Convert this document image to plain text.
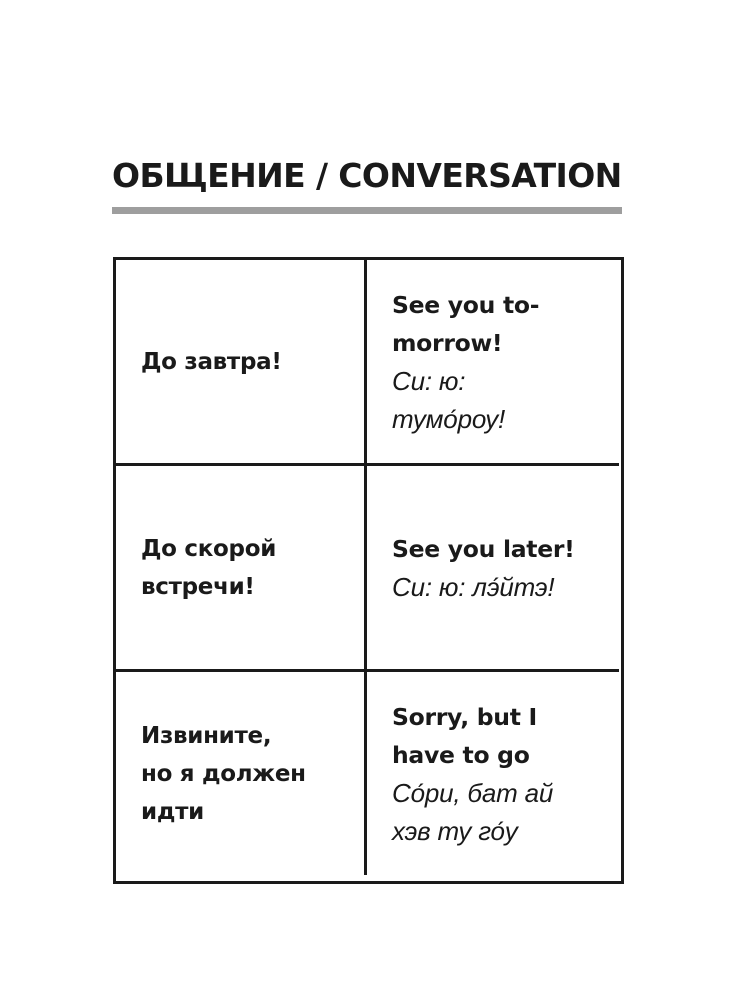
ОБЩЕНИЕ / CONVERSATION

До завтра!

See you to-
morrow!

Си: ю:
тумо́роу!

До скорой
встречи!

See you later!

Си: ю: лэ́йтэ!

Извините,
но я должен
идти

Sorry, but I
have to go

Со́ри, бат ай
хэв ту го́у
